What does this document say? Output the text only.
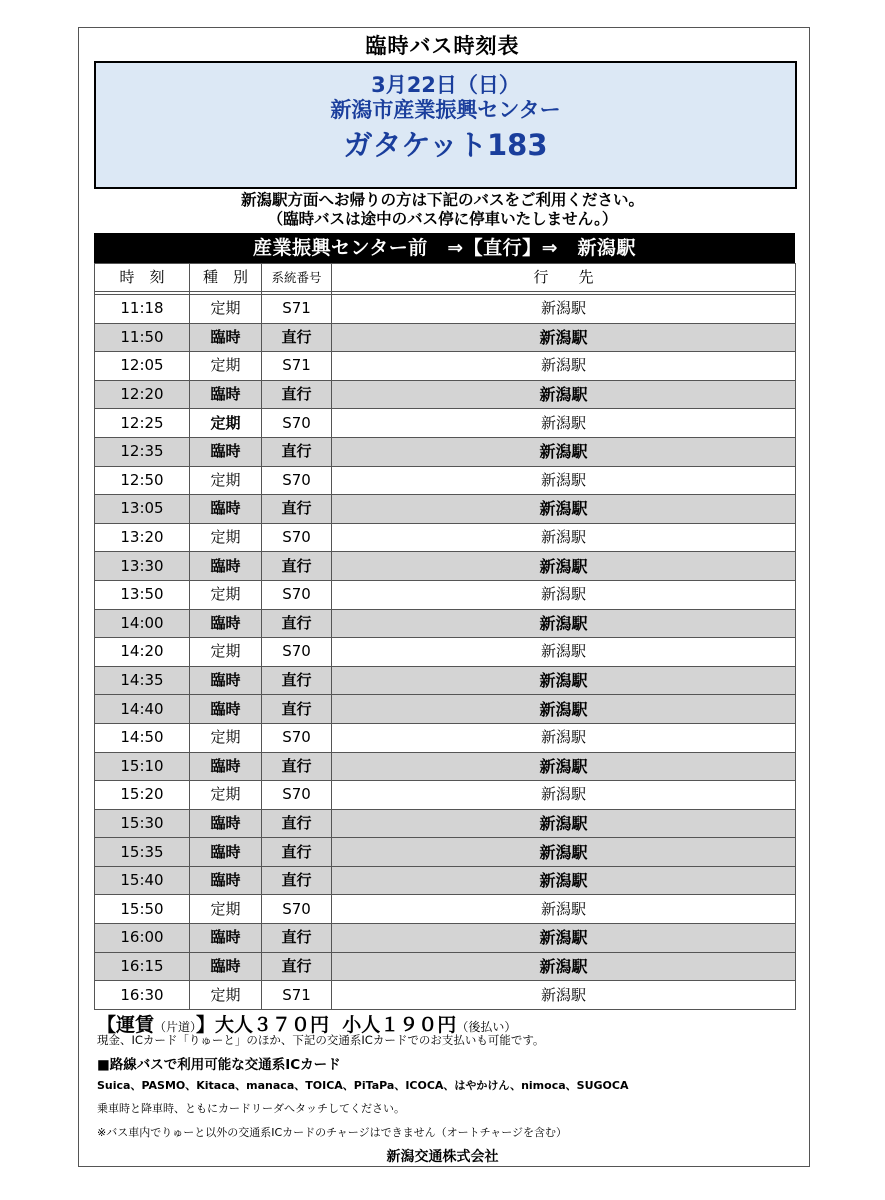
臨時バス時刻表
3月22日（日）
新潟市産業振興センター
ガタケット183
新潟駅方面へお帰りの方は下記のバスをご利用ください。
（臨時バスは途中のバス停に停車いたしません。）
産業振興センター前　⇒【直行】⇒　新潟駅
時　刻	種　別	系統番号	行　　先

11:18	定期	S71	新潟駅
11:50	臨時	直行	新潟駅
12:05	定期	S71	新潟駅
12:20	臨時	直行	新潟駅
12:25	定期	S70	新潟駅
12:35	臨時	直行	新潟駅
12:50	定期	S70	新潟駅
13:05	臨時	直行	新潟駅
13:20	定期	S70	新潟駅
13:30	臨時	直行	新潟駅
13:50	定期	S70	新潟駅
14:00	臨時	直行	新潟駅
14:20	定期	S70	新潟駅
14:35	臨時	直行	新潟駅
14:40	臨時	直行	新潟駅
14:50	定期	S70	新潟駅
15:10	臨時	直行	新潟駅
15:20	定期	S70	新潟駅
15:30	臨時	直行	新潟駅
15:35	臨時	直行	新潟駅
15:40	臨時	直行	新潟駅
15:50	定期	S70	新潟駅
16:00	臨時	直行	新潟駅
16:15	臨時	直行	新潟駅
16:30	定期	S71	新潟駅
【運賃（片道）】大人３７０円 小人１９０円（後払い）
現金、ICカード「りゅーと」のほか、下記の交通系ICカードでのお支払いも可能です。
■路線バスで利用可能な交通系ICカード
Suica、PASMO、Kitaca、manaca、TOICA、PiTaPa、ICOCA、はやかけん、nimoca、SUGOCA
乗車時と降車時、ともにカードリーダへタッチしてください。
※バス車内でりゅーと以外の交通系ICカードのチャージはできません（オートチャージを含む）
新潟交通株式会社
